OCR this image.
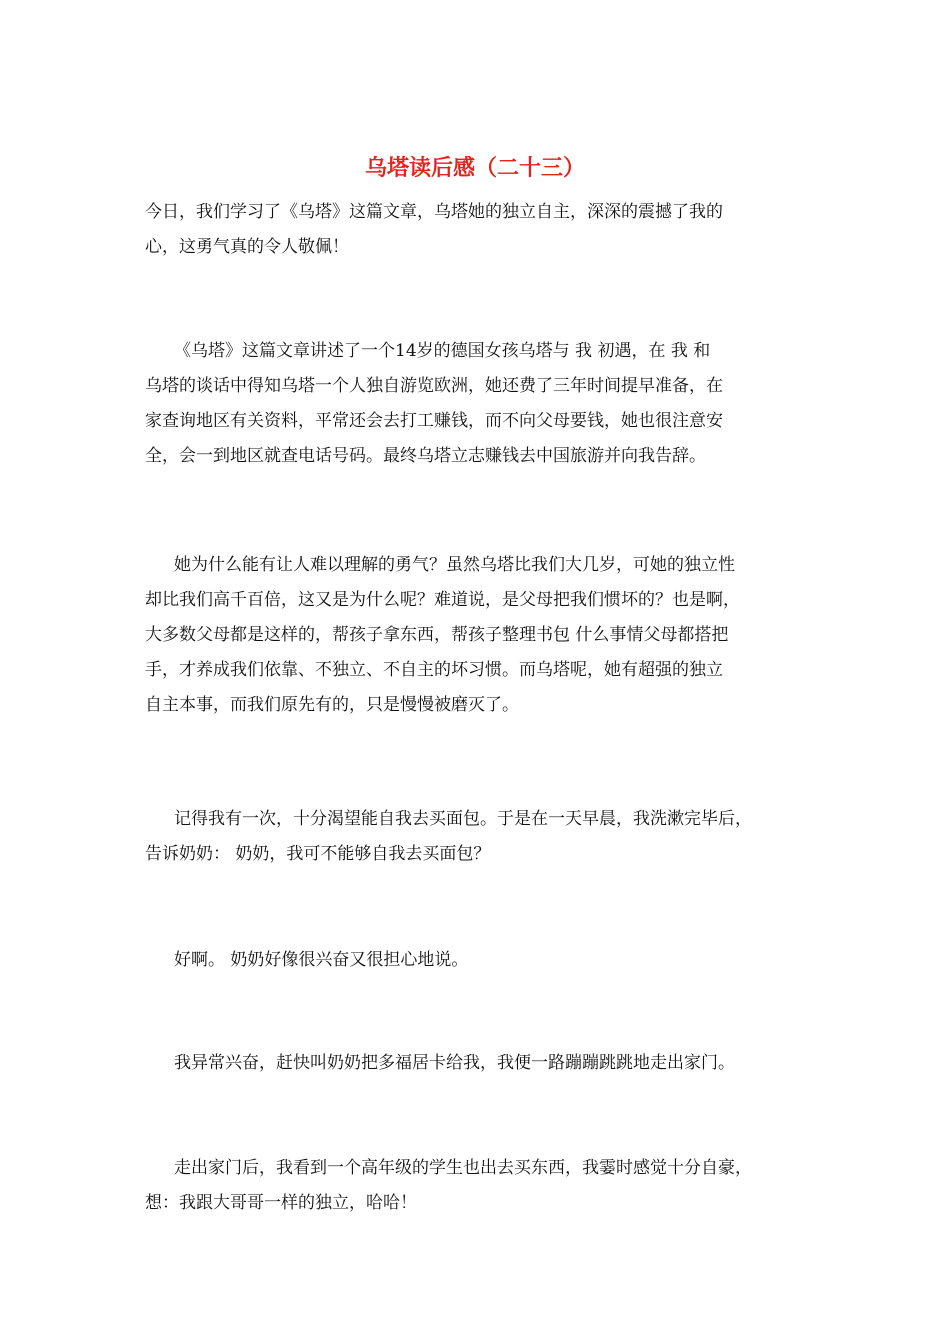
乌塔读后感（二十三）
今日，我们学习了《乌塔》这篇文章，乌塔她的独立自主，深深的震撼了我的
心，这勇气真的令人敬佩！
《乌塔》这篇文章讲述了一个14岁的德国女孩乌塔与 我 初遇，在 我 和
乌塔的谈话中得知乌塔一个人独自游览欧洲，她还费了三年时间提早准备，在
家查询地区有关资料，平常还会去打工赚钱，而不向父母要钱，她也很注意安
全，会一到地区就查电话号码。最终乌塔立志赚钱去中国旅游并向我告辞。
她为什么能有让人难以理解的勇气？虽然乌塔比我们大几岁，可她的独立性
却比我们高千百倍，这又是为什么呢？难道说，是父母把我们惯坏的？也是啊，
大多数父母都是这样的，帮孩子拿东西，帮孩子整理书包 什么事情父母都搭把
手，才养成我们依靠、不独立、不自主的坏习惯。而乌塔呢，她有超强的独立
自主本事，而我们原先有的，只是慢慢被磨灭了。
记得我有一次，十分渴望能自我去买面包。于是在一天早晨，我洗漱完毕后，
告诉奶奶： 奶奶，我可不能够自我去买面包？
好啊。 奶奶好像很兴奋又很担心地说。
我异常兴奋，赶快叫奶奶把多福居卡给我，我便一路蹦蹦跳跳地走出家门。
走出家门后，我看到一个高年级的学生也出去买东西，我霎时感觉十分自豪，
想：我跟大哥哥一样的独立，哈哈！
